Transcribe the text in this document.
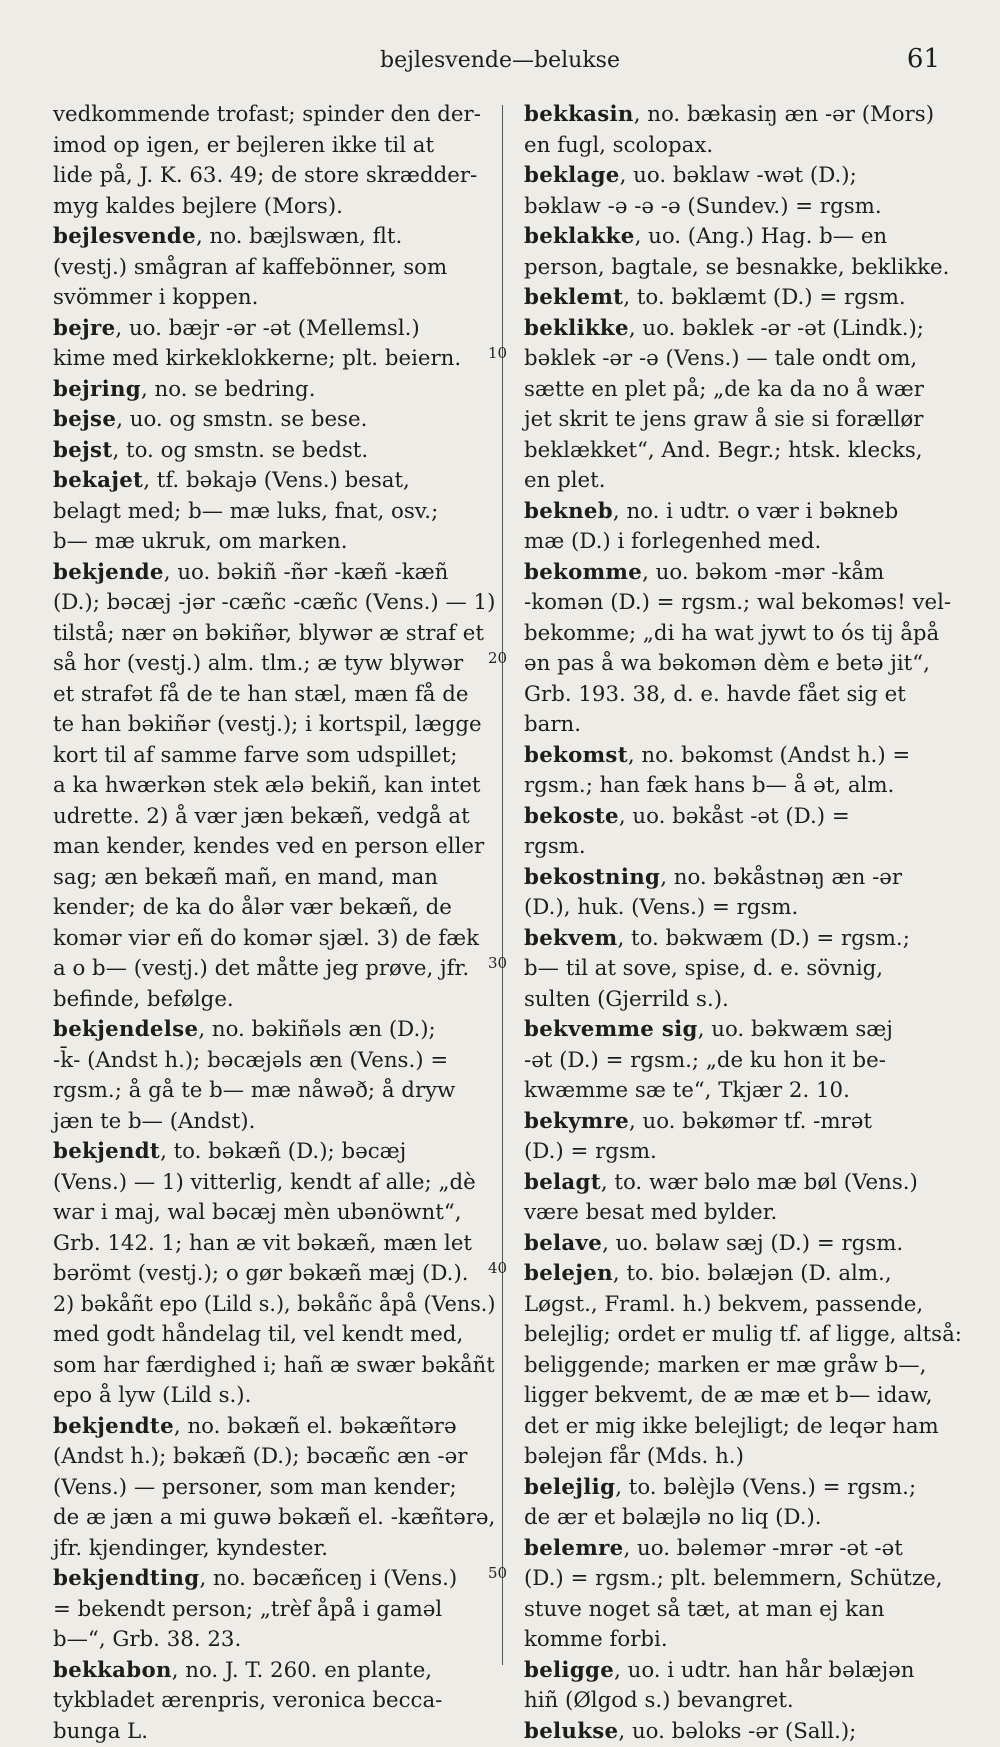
bejlesvende—belukse	61
vedkommende trofast; spinder den der-
imod op igen, er bejleren ikke til at
lide på, J. K. 63. 49; de store skrædder-
myg kaldes bejlere (Mors).
bejlesvende, no. bæjlswæn, flt.
(vestj.) smågran af kaffebönner, som
svömmer i koppen.
bejre, uo. bæjr -ər -ət (Mellemsl.)
kime med kirkeklokkerne; plt. beiern.
bejring, no. se bedring.
bejse, uo. og smstn. se bese.
bejst, to. og smstn. se bedst.
bekajet, tf. bəkajə (Vens.) besat,
belagt med; b— mæ luks, fnat, osv.;
b— mæ ukruk, om marken.
bekjende, uo. bəkiñ -ñər -kæñ -kæñ
(D.); bəcæj -jər -cæñc -cæñc (Vens.) — 1)
tilstå; nær ən bəkiñər, blywər æ straf et
så hor (vestj.) alm. tlm.; æ tyw blywər
et strafət få de te han stæl, mæn få de
te han bəkiñər (vestj.); i kortspil, lægge
kort til af samme farve som udspillet;
a ka hwærkən stek ælə bekiñ, kan intet
udrette. 2) å vær jæn bekæñ, vedgå at
man kender, kendes ved en person eller
sag; æn bekæñ mañ, en mand, man
kender; de ka do ålər vær bekæñ, de
komər viər eñ do komər sjæl. 3) de fæk
a o b— (vestj.) det måtte jeg prøve, jfr.
befinde, befølge.
bekjendelse, no. bəkiñəls æn (D.);
-k̄- (Andst h.); bəcæjəls æn (Vens.) =
rgsm.; å gå te b— mæ nåwəð; å dryw
jæn te b— (Andst).
bekjendt, to. bəkæñ (D.); bəcæj
(Vens.) — 1) vitterlig, kendt af alle; „dè
war i maj, wal bəcæj mèn ubənöwnt“,
Grb. 142. 1; han æ vit bəkæñ, mæn let
bərömt (vestj.); o gør bəkæñ mæj (D.).
2) bəkåñt epo (Lild s.), bəkåñc åpå (Vens.)
med godt håndelag til, vel kendt med,
som har færdighed i; hañ æ swær bəkåñt
epo å lyw (Lild s.).
bekjendte, no. bəkæñ el. bəkæñtərə
(Andst h.); bəkæñ (D.); bəcæñc æn -ər
(Vens.) — personer, som man kender;
de æ jæn a mi guwə bəkæñ el. -kæñtərə,
jfr. kjendinger, kyndester.
bekjendting, no. bəcæñceŋ i (Vens.)
= bekendt person; „trèf åpå i gaməl
b—“, Grb. 38. 23.
bekkabon, no. J. T. 260. en plante,
tykbladet ærenpris, veronica becca-
bunga L.
bekkasin, no. bækasiŋ æn -ər (Mors)
en fugl, scolopax.
beklage, uo. bəklaw -wət (D.);
bəklaw -ə -ə -ə (Sundev.) = rgsm.
beklakke, uo. (Ang.) Hag. b— en
person, bagtale, se besnakke, beklikke.
beklemt, to. bəklæmt (D.) = rgsm.
beklikke, uo. bəklek -ər -ət (Lindk.);
bəklek -ər -ə (Vens.) — tale ondt om,
sætte en plet på; „de ka da no å wær
jet skrit te jens graw å sie si forællør
beklækket“, And. Begr.; htsk. klecks,
en plet.
bekneb, no. i udtr. o vær i bəkneb
mæ (D.) i forlegenhed med.
bekomme, uo. bəkom -mər -kåm
-komən (D.) = rgsm.; wal bekoməs! vel-
bekomme; „di ha wat jywt to ós tij åpå
ən pas å wa bəkomən dèm e betə jit“,
Grb. 193. 38, d. e. havde fået sig et
barn.
bekomst, no. bəkomst (Andst h.) =
rgsm.; han fæk hans b— å ət, alm.
bekoste, uo. bəkåst -ət (D.) =
rgsm.
bekostning, no. bəkåstnəŋ æn -ər
(D.), huk. (Vens.) = rgsm.
bekvem, to. bəkwæm (D.) = rgsm.;
b— til at sove, spise, d. e. sövnig,
sulten (Gjerrild s.).
bekvemme sig, uo. bəkwæm sæj
-ət (D.) = rgsm.; „de ku hon it be-
kwæmme sæ te“, Tkjær 2. 10.
bekymre, uo. bəkømər tf. -mrət
(D.) = rgsm.
belagt, to. wær bəlo mæ bøl (Vens.)
være besat med bylder.
belave, uo. bəlaw sæj (D.) = rgsm.
belejen, to. bio. bəlæjən (D. alm.,
Løgst., Framl. h.) bekvem, passende,
belejlig; ordet er mulig tf. af ligge, altså:
beliggende; marken er mæ gråw b—,
ligger bekvemt, de æ mæ et b— idaw,
det er mig ikke belejligt; de leqər ham
bəlejən får (Mds. h.)
belejlig, to. bəlèjlə (Vens.) = rgsm.;
de ær et bəlæjlə no liq (D.).
belemre, uo. bəlemər -mrər -ət -ət
(D.) = rgsm.; plt. belemmern, Schütze,
stuve noget så tæt, at man ej kan
komme forbi.
beligge, uo. i udtr. han hår bəlæjən
hiñ (Ølgod s.) bevangret.
belukse, uo. bəloks -ər (Sall.);
10
20
30
40
50
